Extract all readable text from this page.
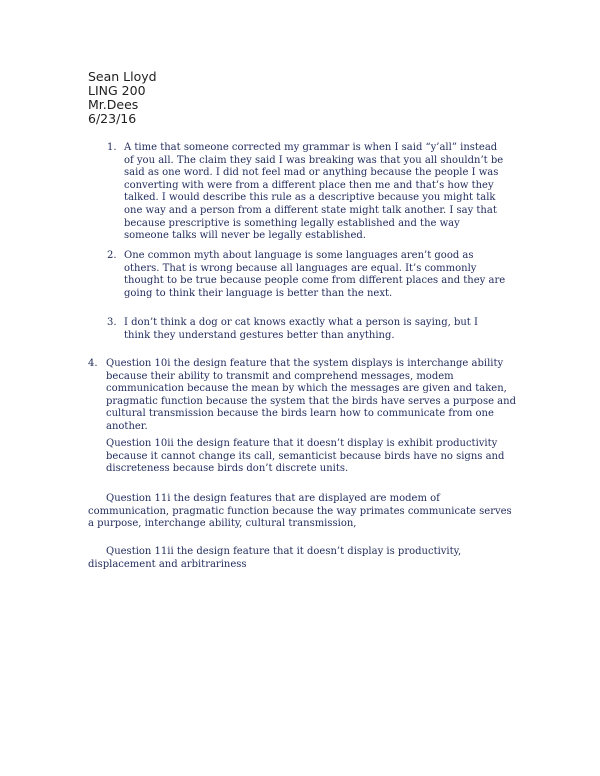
Sean Lloyd
LING 200
Mr.Dees
6/23/16
1. A time that someone corrected my grammar is when I said “y’all” instead of you all. The claim they said I was breaking was that you all shouldn’t be said as one word. I did not feel mad or anything because the people I was converting with were from a different place then me and that’s how they talked. I would describe this rule as a descriptive because you might talk one way and a person from a different state might talk another. I say that because prescriptive is something legally established and the way someone talks will never be legally established.
2. One common myth about language is some languages aren’t good as others. That is wrong because all languages are equal. It’s commonly thought to be true because people come from different places and they are going to think their language is better than the next.
3. I don’t think a dog or cat knows exactly what a person is saying, but I think they understand gestures better than anything.
4. Question 10i the design feature that the system displays is interchange ability because their ability to transmit and comprehend messages, modem communication because the mean by which the messages are given and taken, pragmatic function because the system that the birds have serves a purpose and cultural transmission because the birds learn how to communicate from one another.
Question 10ii the design feature that it doesn’t display is exhibit productivity because it cannot change its call, semanticist because birds have no signs and discreteness because birds don’t discrete units.
Question 11i the design features that are displayed are modem of communication, pragmatic function because the way primates communicate serves a purpose, interchange ability, cultural transmission,
Question 11ii the design feature that it doesn’t display is productivity, displacement and arbitrariness
